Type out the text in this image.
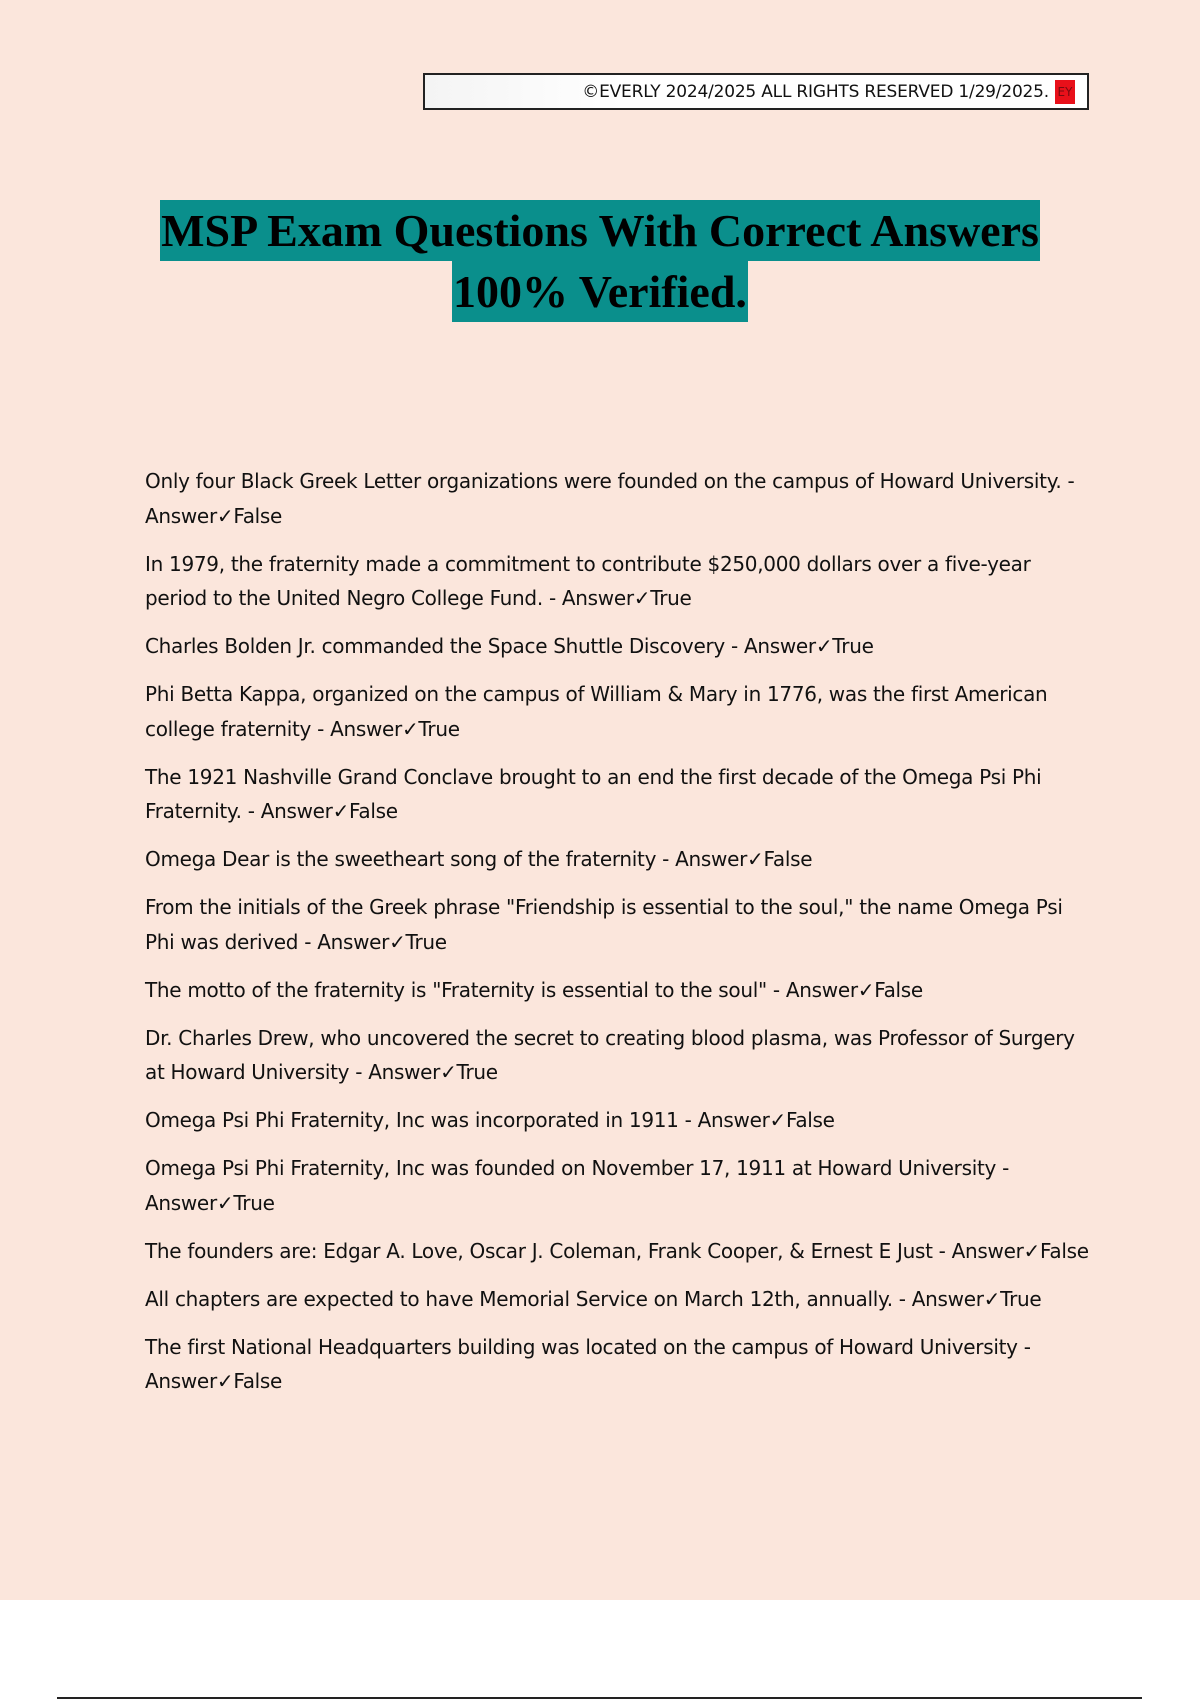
©EVERLY 2024/2025 ALL RIGHTS RESERVED 1/29/2025. EY
MSP Exam Questions With Correct Answers
100% Verified.
Only four Black Greek Letter organizations were founded on the campus of Howard University. - Answer✓False
In 1979, the fraternity made a commitment to contribute $250,000 dollars over a five-year period to the United Negro College Fund. - Answer✓True
Charles Bolden Jr. commanded the Space Shuttle Discovery - Answer✓True
Phi Betta Kappa, organized on the campus of William & Mary in 1776, was the first American college fraternity - Answer✓True
The 1921 Nashville Grand Conclave brought to an end the first decade of the Omega Psi Phi Fraternity. - Answer✓False
Omega Dear is the sweetheart song of the fraternity - Answer✓False
From the initials of the Greek phrase "Friendship is essential to the soul," the name Omega Psi Phi was derived - Answer✓True
The motto of the fraternity is "Fraternity is essential to the soul" - Answer✓False
Dr. Charles Drew, who uncovered the secret to creating blood plasma, was Professor of Surgery at Howard University - Answer✓True
Omega Psi Phi Fraternity, Inc was incorporated in 1911 - Answer✓False
Omega Psi Phi Fraternity, Inc was founded on November 17, 1911 at Howard University - Answer✓True
The founders are: Edgar A. Love, Oscar J. Coleman, Frank Cooper, & Ernest E Just - Answer✓False
All chapters are expected to have Memorial Service on March 12th, annually. - Answer✓True
The first National Headquarters building was located on the campus of Howard University - Answer✓False
